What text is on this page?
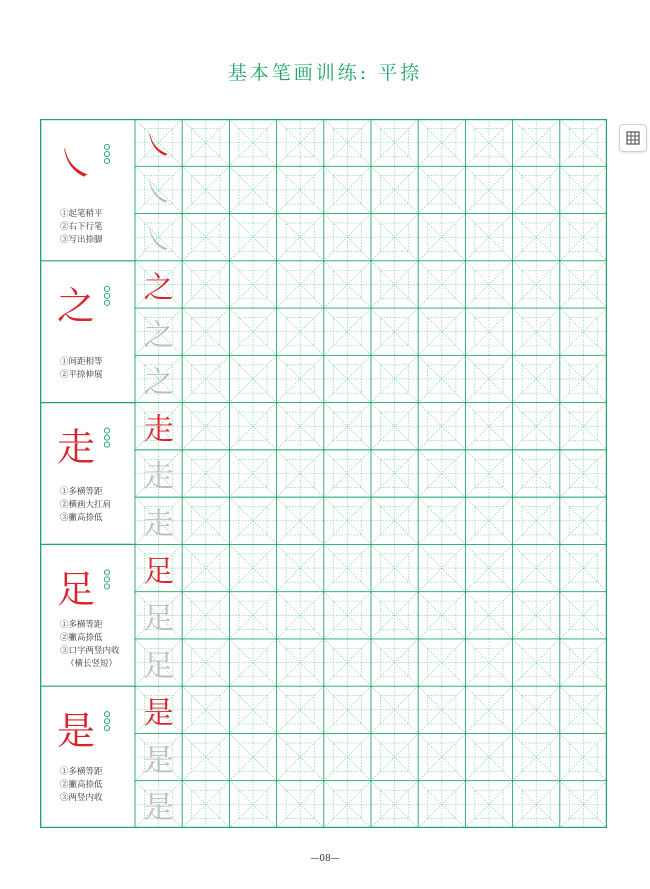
基本笔画训练: 平捺
㇏ ㇏
㇏
㇏
之 之
之
之
走 走
走
走
足 足
足
足
是 是
是
是
①起笔稍平
②右下行笔
③写出捺脚
①间距相等
②平捺伸展
①多横等距
②横画大扛肩
③撇高捺低
①多横等距
②撇高捺低
③口字两竖内收
（横长竖短）
①多横等距
②撇高捺低
③两竖内收
—08—
